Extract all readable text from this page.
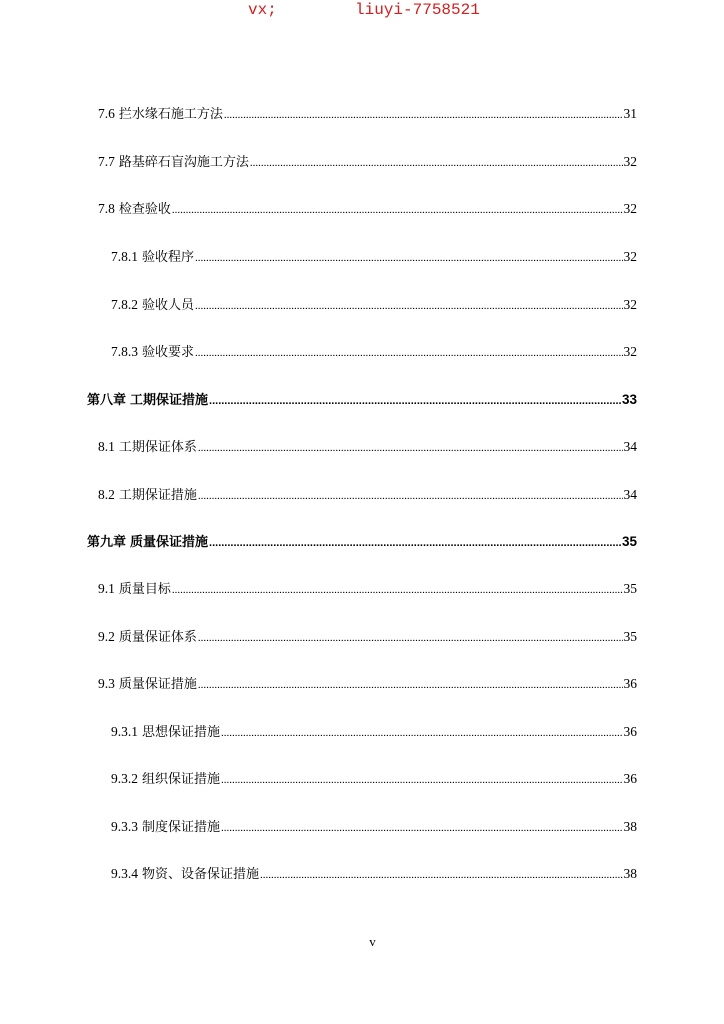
vx;	liuyi-7758521
7.6 拦水缘石施工方法 .....	31
7.7 路基碎石盲沟施工方法 .....	32
7.8 检查验收 .....	32
7.8.1 验收程序 .....	32
7.8.2 验收人员 .....	32
7.8.3 验收要求 .....	32
第八章 工期保证措施 .....	33
8.1 工期保证体系 .....	34
8.2 工期保证措施 .....	34
第九章 质量保证措施 .....	35
9.1 质量目标 .....	35
9.2 质量保证体系 .....	35
9.3 质量保证措施 .....	36
9.3.1 思想保证措施 .....	36
9.3.2 组织保证措施 .....	36
9.3.3 制度保证措施 .....	38
9.3.4 物资、设备保证措施 .....	38
v
